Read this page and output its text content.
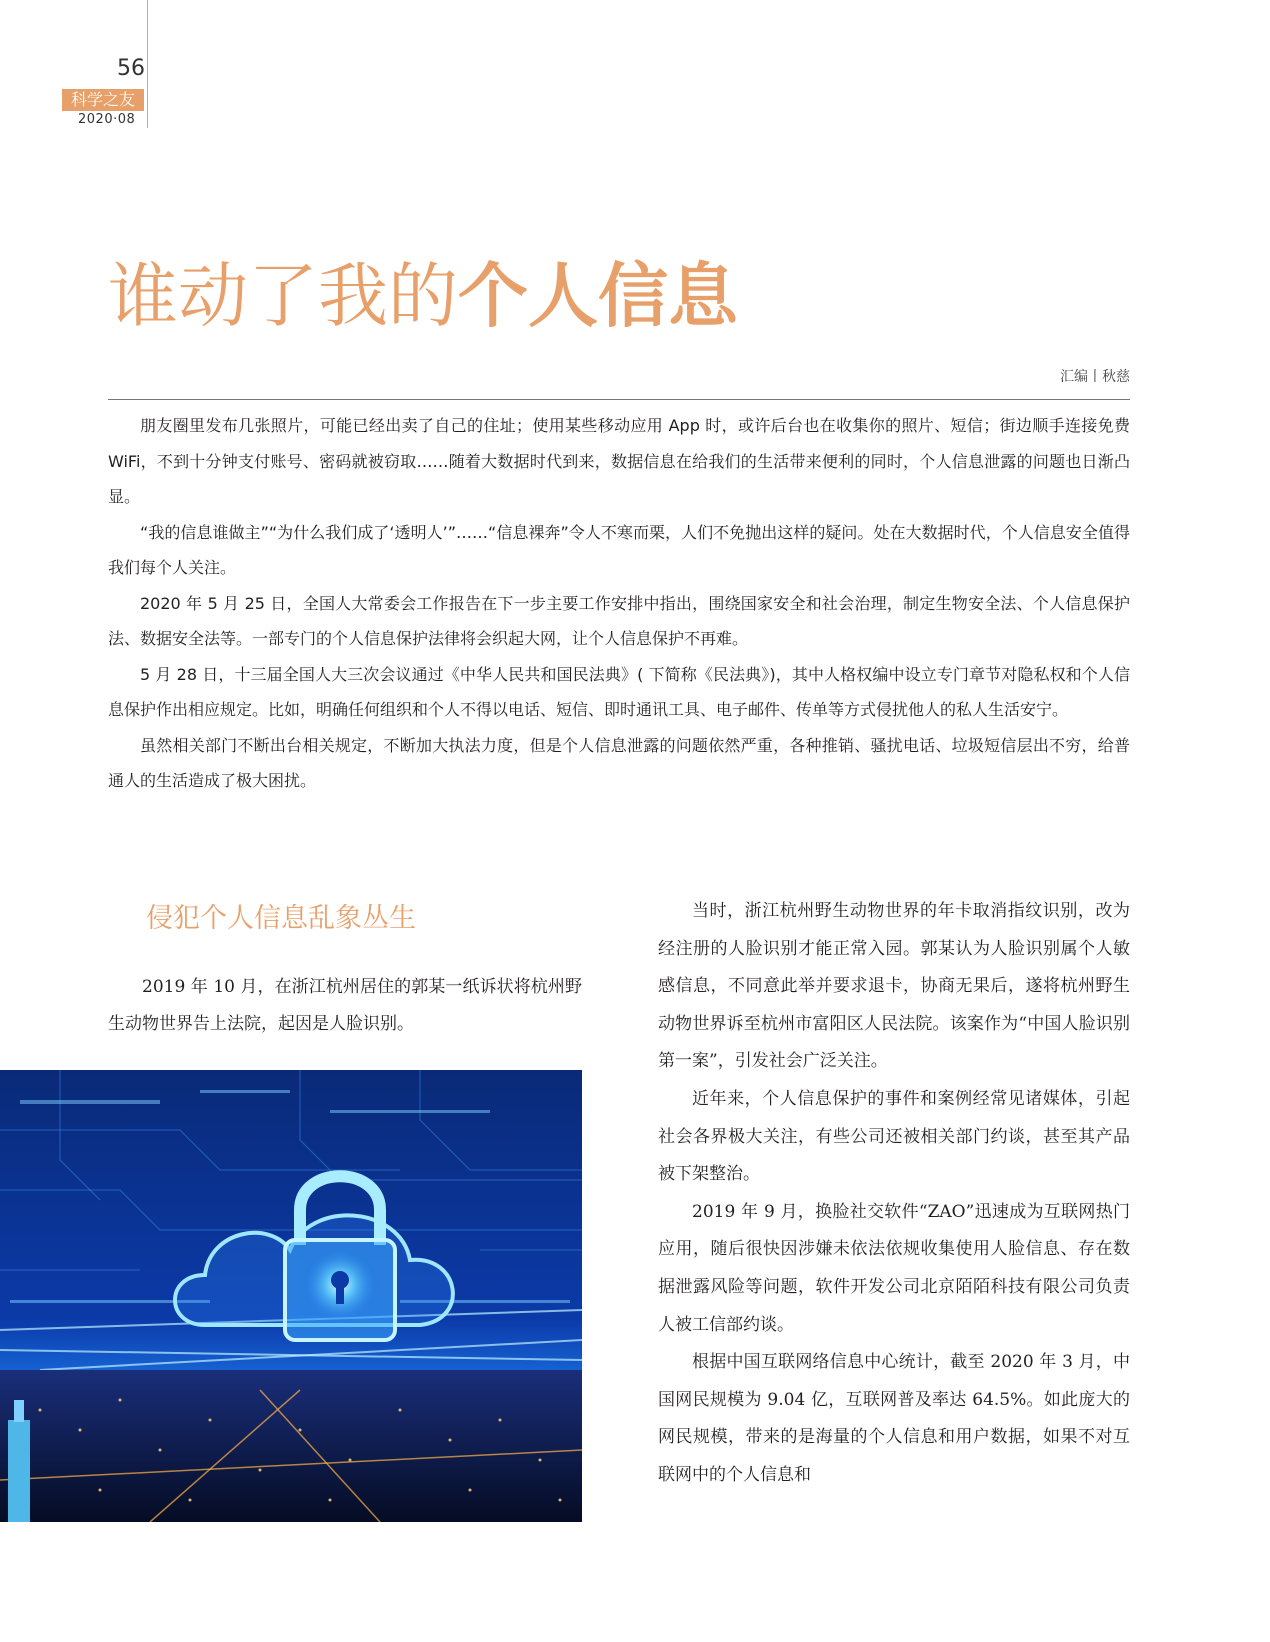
56
科学之友
2020·08
谁动了我的个人信息
汇编丨秋慈

朋友圈里发布几张照片，可能已经出卖了自己的住址；使用某些移动应用 App 时，或许后台也在收集你的照片、短信；街边顺手连接免费 WiFi，不到十分钟支付账号、密码就被窃取……随着大数据时代到来，数据信息在给我们的生活带来便利的同时，个人信息泄露的问题也日渐凸显。

“我的信息谁做主”“为什么我们成了‘透明人’”……“信息裸奔”令人不寒而栗，人们不免抛出这样的疑问。处在大数据时代，个人信息安全值得我们每个人关注。

2020 年 5 月 25 日，全国人大常委会工作报告在下一步主要工作安排中指出，围绕国家安全和社会治理，制定生物安全法、个人信息保护法、数据安全法等。一部专门的个人信息保护法律将会织起大网，让个人信息保护不再难。

5 月 28 日，十三届全国人大三次会议通过《中华人民共和国民法典》( 下简称《民法典》)，其中人格权编中设立专门章节对隐私权和个人信息保护作出相应规定。比如，明确任何组织和个人不得以电话、短信、即时通讯工具、电子邮件、传单等方式侵扰他人的私人生活安宁。

虽然相关部门不断出台相关规定，不断加大执法力度，但是个人信息泄露的问题依然严重，各种推销、骚扰电话、垃圾短信层出不穷，给普通人的生活造成了极大困扰。

侵犯个人信息乱象丛生

2019 年 10 月，在浙江杭州居住的郭某一纸诉状将杭州野生动物世界告上法院，起因是人脸识别。

当时，浙江杭州野生动物世界的年卡取消指纹识别，改为经注册的人脸识别才能正常入园。郭某认为人脸识别属个人敏感信息，不同意此举并要求退卡，协商无果后，遂将杭州野生动物世界诉至杭州市富阳区人民法院。该案作为“中国人脸识别第一案”，引发社会广泛关注。

近年来，个人信息保护的事件和案例经常见诸媒体，引起社会各界极大关注，有些公司还被相关部门约谈，甚至其产品被下架整治。

2019 年 9 月，换脸社交软件“ZAO”迅速成为互联网热门应用，随后很快因涉嫌未依法依规收集使用人脸信息、存在数据泄露风险等问题，软件开发公司北京陌陌科技有限公司负责人被工信部约谈。

根据中国互联网络信息中心统计，截至 2020 年 3 月，中国网民规模为 9.04 亿，互联网普及率达 64.5%。如此庞大的网民规模，带来的是海量的个人信息和用户数据，如果不对互联网中的个人信息和
